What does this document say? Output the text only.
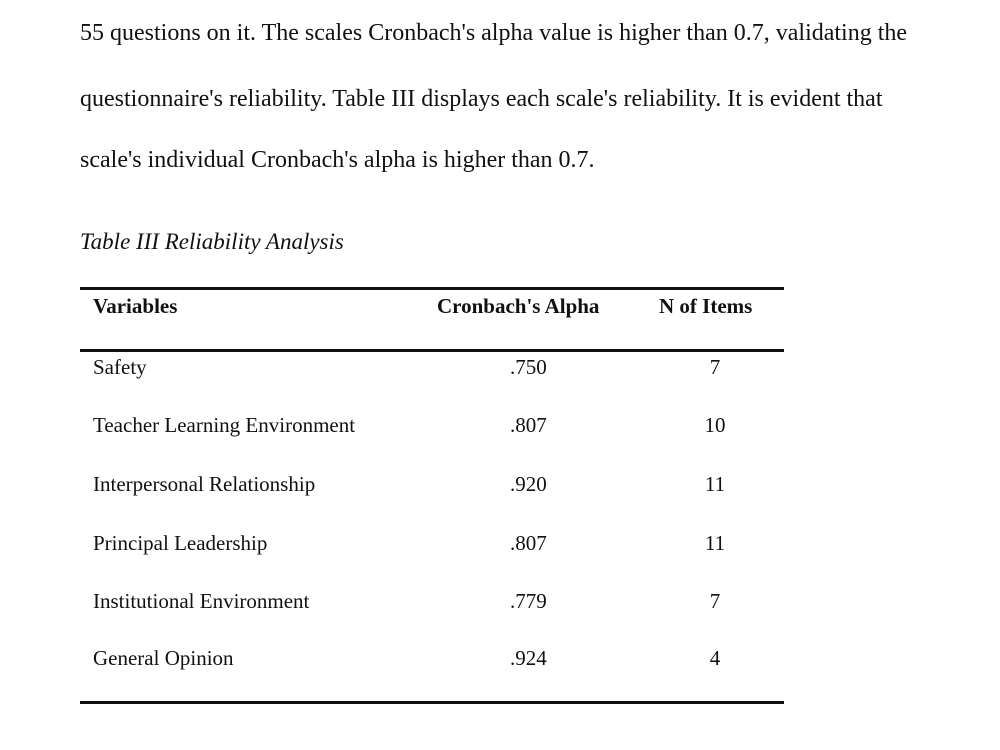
55 questions on it. The scales Cronbach's alpha value is higher than 0.7, validating the
questionnaire's reliability. Table III displays each scale's reliability. It is evident that
scale's individual Cronbach's alpha is higher than 0.7.
Table III Reliability Analysis
Variables	Cronbach's Alpha	N of Items
Safety	.750	7
Teacher Learning Environment	.807	10
Interpersonal Relationship	.920	11
Principal Leadership	.807	11
Institutional Environment	.779	7
General Opinion	.924	4
